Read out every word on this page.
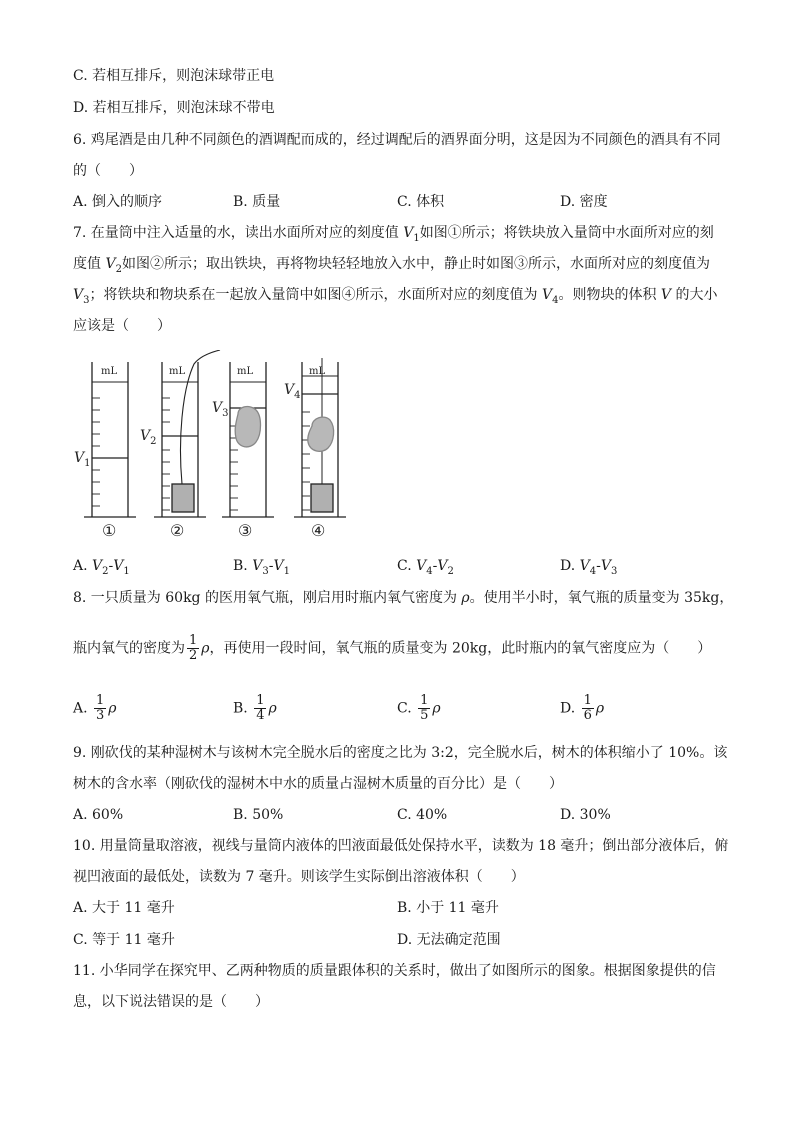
C. 若相互排斥，则泡沫球带正电
D. 若相互排斥，则泡沫球不带电
6. 鸡尾酒是由几种不同颜色的酒调配而成的，经过调配后的酒界面分明，这是因为不同颜色的酒具有不同
的（　　）
A. 倒入的顺序	B. 质量	C. 体积	D. 密度
7. 在量筒中注入适量的水，读出水面所对应的刻度值 $V_1$如图①所示；将铁块放入量筒中水面所对应的刻
度值 $V_2$如图②所示；取出铁块，再将物块轻轻地放入水中，静止时如图③所示，水面所对应的刻度值为
$V_3$；将铁块和物块系在一起放入量筒中如图④所示，水面所对应的刻度值为 $V_4$。则物块的体积 V 的大小
应该是（　　）
mL	mL	mL	mL
$V_1$
$V_2$
$V_3$
$V_4$
①	②	③	④
A. $V_2-V_1$	B. $V_3-V_1$	C. $V_4-V_2$	D. $V_4-V_3$
8. 一只质量为 60kg 的医用氧气瓶，刚启用时瓶内氧气密度为 ρ。使用半小时，氧气瓶的质量变为 35kg，
瓶内氧气的密度为 $\frac{1}{2}$ ρ，再使用一段时间，氧气瓶的质量变为 20kg，此时瓶内的氧气密度应为（　　）
A. $\frac{1}{3}$ ρ	B. $\frac{1}{4}$ ρ	C. $\frac{1}{5}$ ρ	D. $\frac{1}{6}$ ρ
9. 刚砍伐的某种湿树木与该树木完全脱水后的密度之比为 3:2，完全脱水后，树木的体积缩小了 10%。该
树木的含水率（刚砍伐的湿树木中水的质量占湿树木质量的百分比）是（　　）
A. 60%	B. 50%	C. 40%	D. 30%
10. 用量筒量取溶液，视线与量筒内液体的凹液面最低处保持水平，读数为 18 毫升；倒出部分液体后，俯
视凹液面的最低处，读数为 7 毫升。则该学生实际倒出溶液体积（　　）
A. 大于 11 毫升	B. 小于 11 毫升
C. 等于 11 毫升	D. 无法确定范围
11. 小华同学在探究甲、乙两种物质的质量跟体积的关系时，做出了如图所示的图象。根据图象提供的信
息，以下说法错误的是（　　）
